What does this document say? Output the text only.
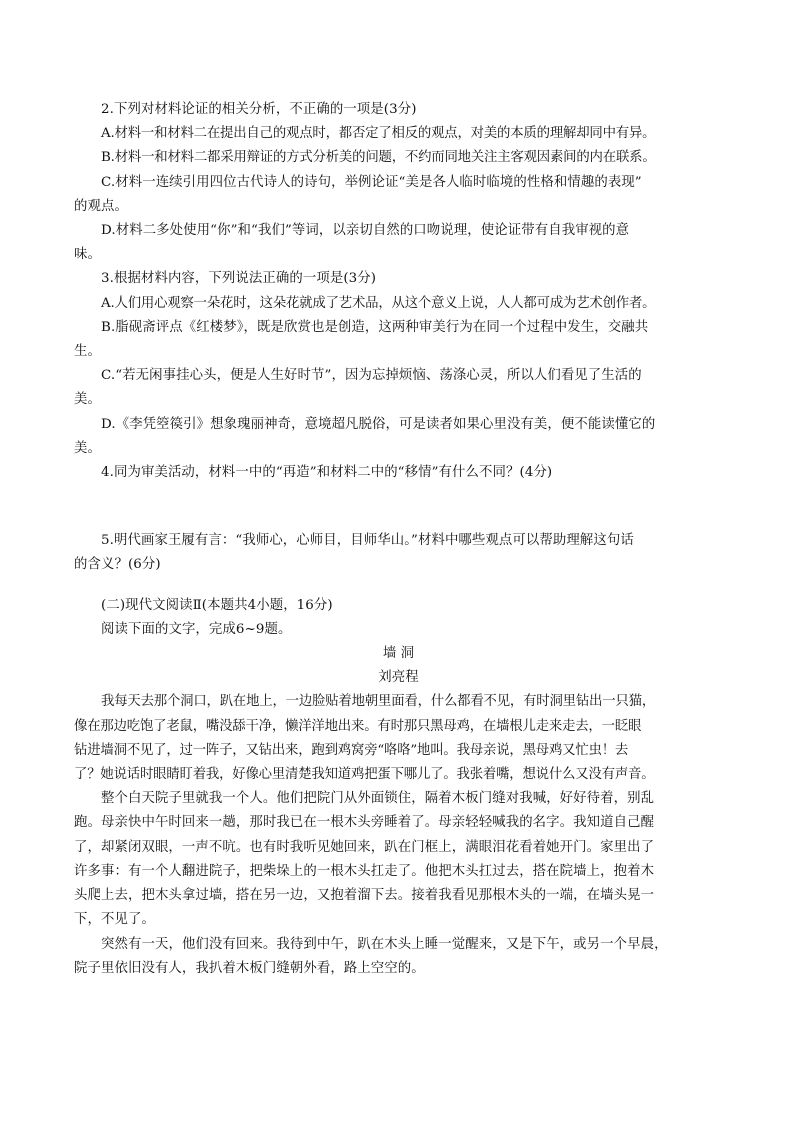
2.下列对材料论证的相关分析，不正确的一项是(3分)
A.材料一和材料二在提出自己的观点时，都否定了相反的观点，对美的本质的理解却同中有异。
B.材料一和材料二都采用辩证的方式分析美的问题，不约而同地关注主客观因素间的内在联系。
C.材料一连续引用四位古代诗人的诗句，举例论证“美是各人临时临境的性格和情趣的表现”
的观点。
D.材料二多处使用“你”和“我们”等词，以亲切自然的口吻说理，使论证带有自我审视的意
味。
3.根据材料内容，下列说法正确的一项是(3分)
A.人们用心观察一朵花时，这朵花就成了艺术品，从这个意义上说，人人都可成为艺术创作者。
B.脂砚斋评点《红楼梦》，既是欣赏也是创造，这两种审美行为在同一个过程中发生，交融共
生。
C.“若无闲事挂心头，便是人生好时节”，因为忘掉烦恼、荡涤心灵，所以人们看见了生活的
美。
D.《李凭箜篌引》想象瑰丽神奇，意境超凡脱俗，可是读者如果心里没有美，便不能读懂它的
美。
4.同为审美活动，材料一中的“再造”和材料二中的“移情”有什么不同？(4分)
5.明代画家王履有言：“我师心，心师目，目师华山。”材料中哪些观点可以帮助理解这句话
的含义？(6分)
(二)现代文阅读Ⅱ(本题共4小题，16分)
阅读下面的文字，完成6~9题。
墙 洞
刘亮程
我每天去那个洞口，趴在地上，一边脸贴着地朝里面看，什么都看不见，有时洞里钻出一只猫，
像在那边吃饱了老鼠，嘴没舔干净，懒洋洋地出来。有时那只黑母鸡，在墙根儿走来走去，一眨眼
钻进墙洞不见了，过一阵子，又钻出来，跑到鸡窝旁“咯咯”地叫。我母亲说，黑母鸡又忙虫！去
了？她说话时眼睛盯着我，好像心里清楚我知道鸡把蛋下哪儿了。我张着嘴，想说什么又没有声音。
整个白天院子里就我一个人。他们把院门从外面锁住，隔着木板门缝对我喊，好好待着，别乱
跑。母亲快中午时回来一趟，那时我已在一根木头旁睡着了。母亲轻轻喊我的名字。我知道自己醒
了，却紧闭双眼，一声不吭。也有时我听见她回来，趴在门框上，满眼泪花看着她开门。家里出了
许多事：有一个人翻进院子，把柴垛上的一根木头扛走了。他把木头扛过去，搭在院墙上，抱着木
头爬上去，把木头拿过墙，搭在另一边，又抱着溜下去。接着我看见那根木头的一端，在墙头晃一
下，不见了。
突然有一天，他们没有回来。我待到中午，趴在木头上睡一觉醒来，又是下午，或另一个早晨，
院子里依旧没有人，我扒着木板门缝朝外看，路上空空的。
